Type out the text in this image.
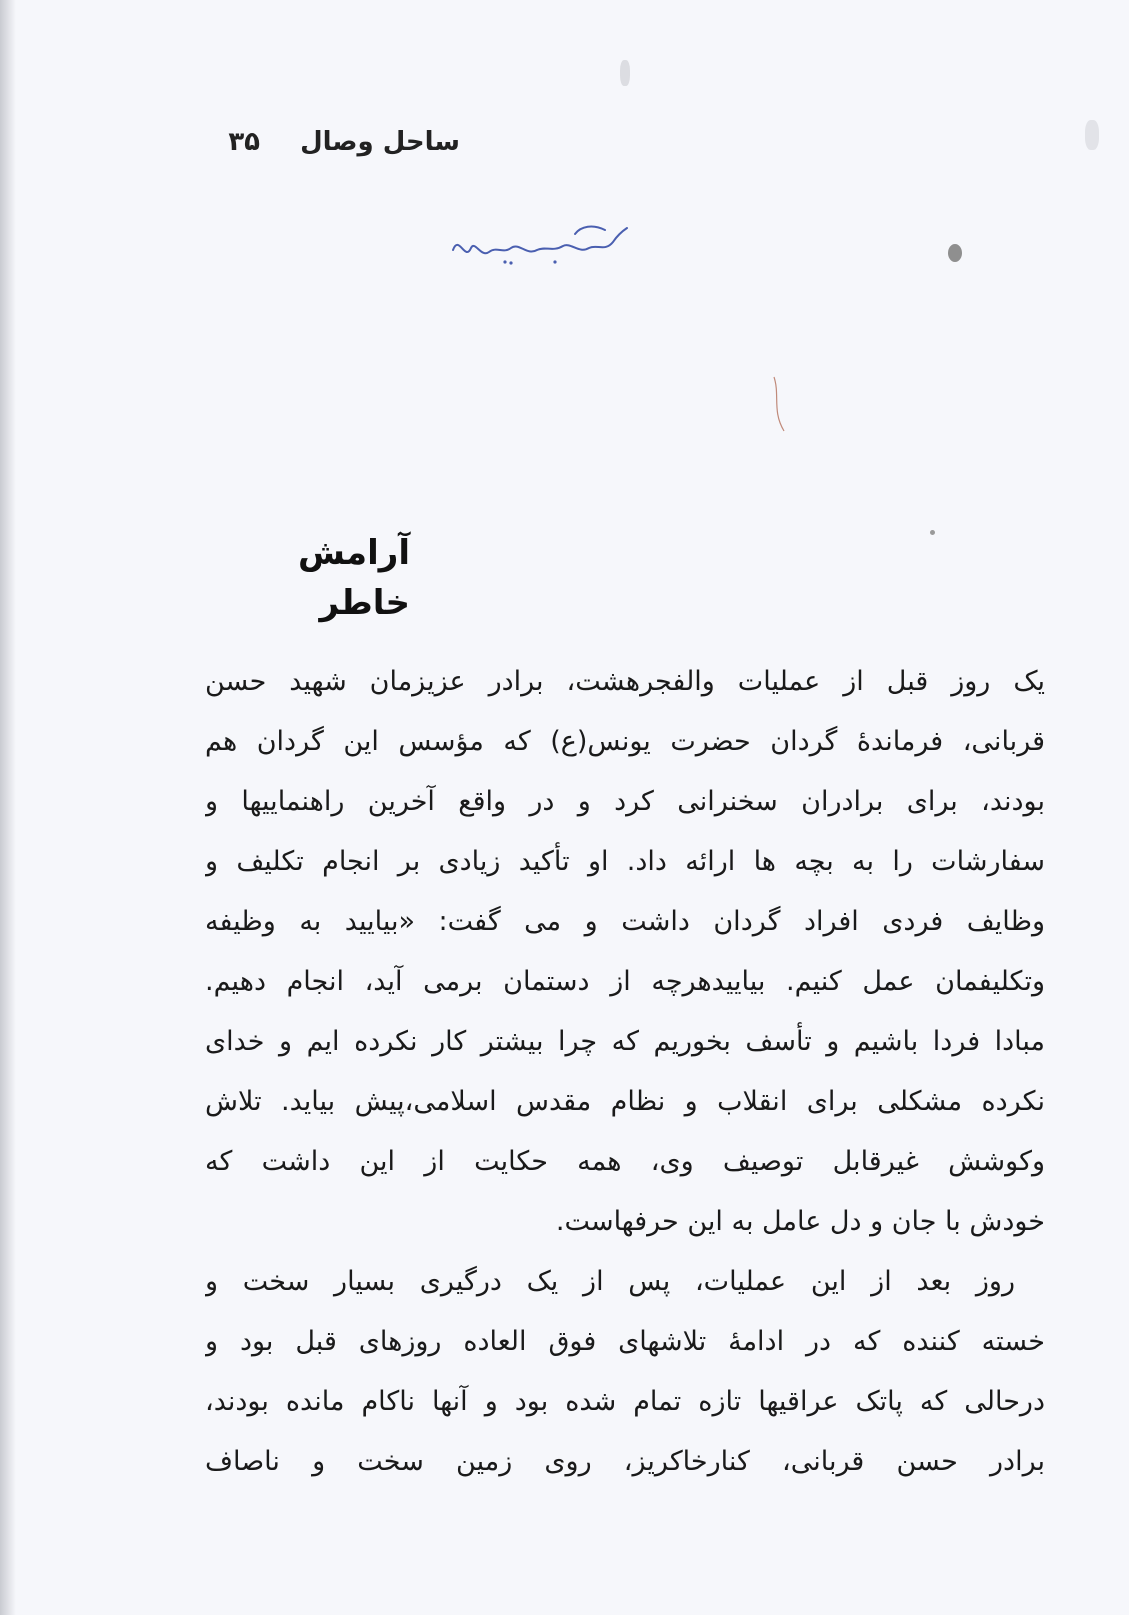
ساحل وصال
۳۵
آرامش خاطر
یک روز قبل از عملیات والفجرهشت، برادر عزیزمان شهید حسن
قربانی، فرماندهٔ گردان حضرت یونس(ع) که مؤسس این گردان هم
بودند، برای برادران سخنرانی کرد و در واقع آخرین راهنماییها و
سفارشات را به بچه ها ارائه داد. او تأکید زیادی بر انجام تکلیف و
وظایف فردی افراد گردان داشت و می گفت: «بیایید به وظیفه
وتکلیفمان عمل کنیم. بیاییدهرچه از دستمان برمی آید، انجام دهیم.
مبادا فردا باشیم و تأسف بخوریم که چرا بیشتر کار نکرده ایم و خدای
نکرده مشکلی برای انقلاب و نظام مقدس اسلامی،پیش بیاید. تلاش
وکوشش غیرقابل توصیف وی، همه حکایت از این داشت که
خودش با جان و دل عامل به این حرفهاست.
روز بعد از این عملیات، پس از یک درگیری بسیار سخت و
خسته کننده که در ادامهٔ تلاشهای فوق العاده روزهای قبل بود و
درحالی که پاتک عراقیها تازه تمام شده بود و آنها ناکام مانده بودند،
برادر حسن قربانی، کنارخاکریز، روی زمین سخت و ناصاف
